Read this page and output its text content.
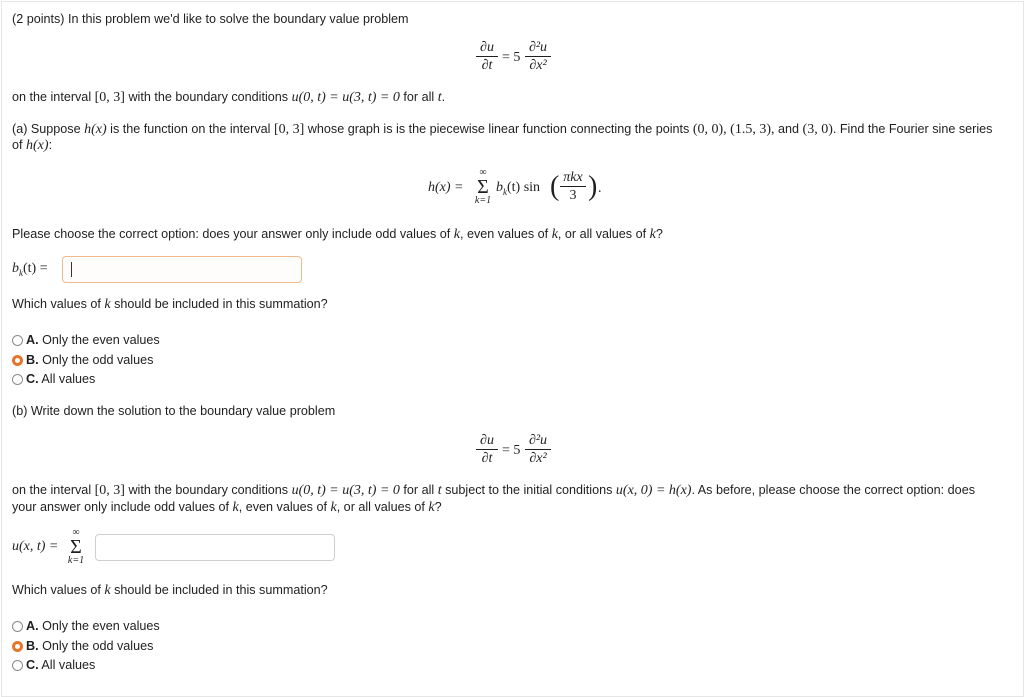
(2 points) In this problem we'd like to solve the boundary value problem
∂u
∂t
= 5
∂²u
∂x²
on the interval [0, 3] with the boundary conditions u(0, t) = u(3, t) = 0 for all t.
(a) Suppose h(x) is the function on the interval [0, 3] whose graph is is the piecewise linear function connecting the points (0, 0), (1.5, 3), and (3, 0). Find the Fourier sine series
of h(x):
h(x) =
∞
Σ
k=1
$b_k(t)$ sin ( πkx
3 ) .
Please choose the correct option: does your answer only include odd values of k, even values of k, or all values of k?
$b_k(t)$ =
Which values of k should be included in this summation?
A. Only the even values
B. Only the odd values
C. All values
(b) Write down the solution to the boundary value problem
∂u
∂t
= 5
∂²u
∂x²
on the interval [0, 3] with the boundary conditions u(0, t) = u(3, t) = 0 for all t subject to the initial conditions u(x, 0) = h(x). As before, please choose the correct option: does
your answer only include odd values of k, even values of k, or all values of k?
u(x, t) =
∞
Σ
k=1
Which values of k should be included in this summation?
A. Only the even values
B. Only the odd values
C. All values
